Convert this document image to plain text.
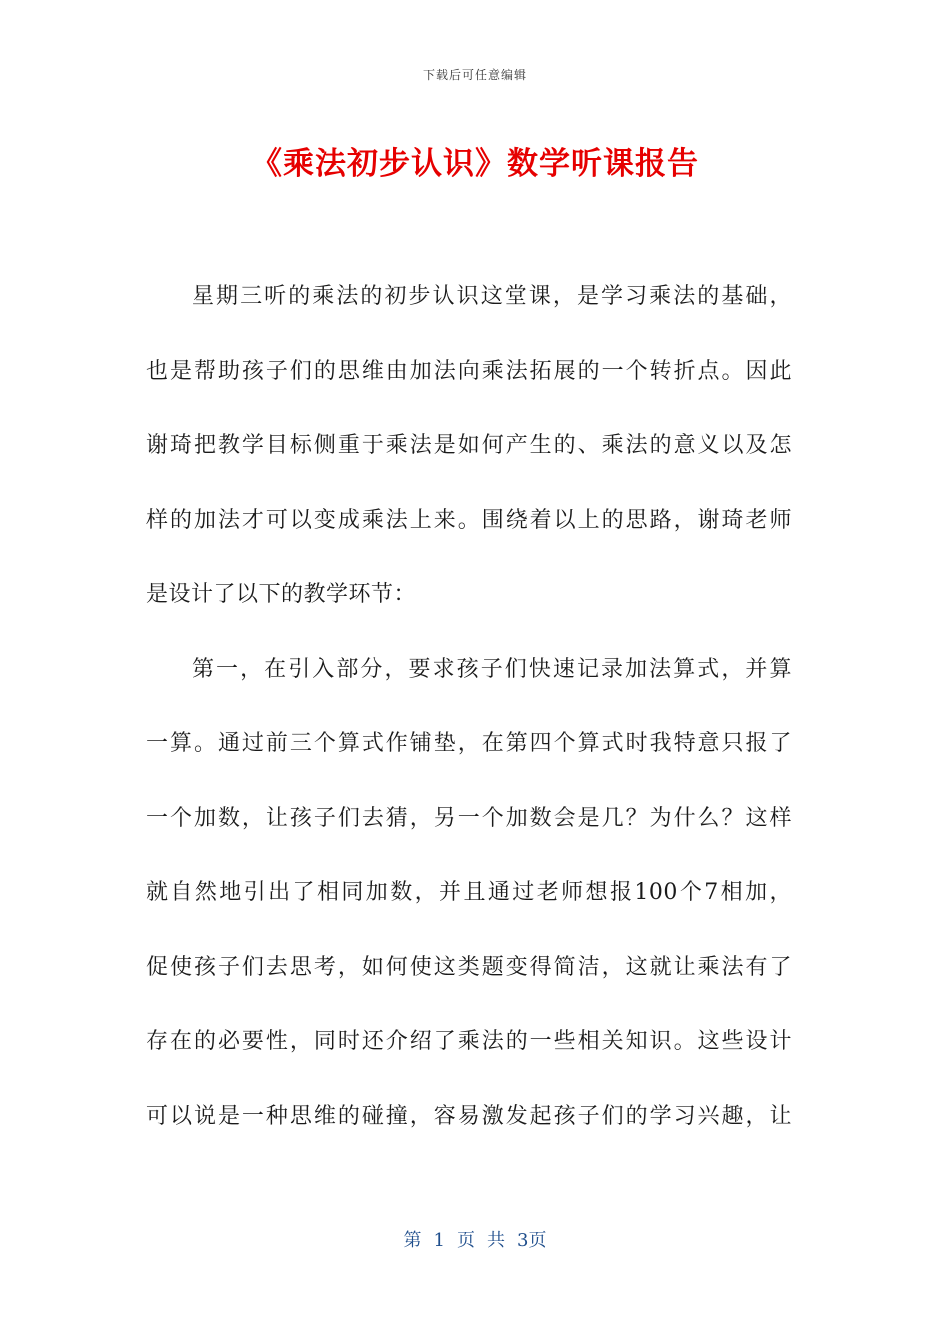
下载后可任意编辑
《乘法初步认识》数学听课报告
星期三听的乘法的初步认识这堂课，是学习乘法的基础，
也是帮助孩子们的思维由加法向乘法拓展的一个转折点。因此
谢琦把教学目标侧重于乘法是如何产生的、乘法的意义以及怎
样的加法才可以变成乘法上来。围绕着以上的思路，谢琦老师
是设计了以下的教学环节：
第一，在引入部分，要求孩子们快速记录加法算式，并算
一算。通过前三个算式作铺垫，在第四个算式时我特意只报了
一个加数，让孩子们去猜，另一个加数会是几？为什么？这样
就自然地引出了相同加数，并且通过老师想报100个7相加，
促使孩子们去思考，如何使这类题变得简洁，这就让乘法有了
存在的必要性，同时还介绍了乘法的一些相关知识。这些设计
可以说是一种思维的碰撞，容易激发起孩子们的学习兴趣，让
第 1 页 共 3页
